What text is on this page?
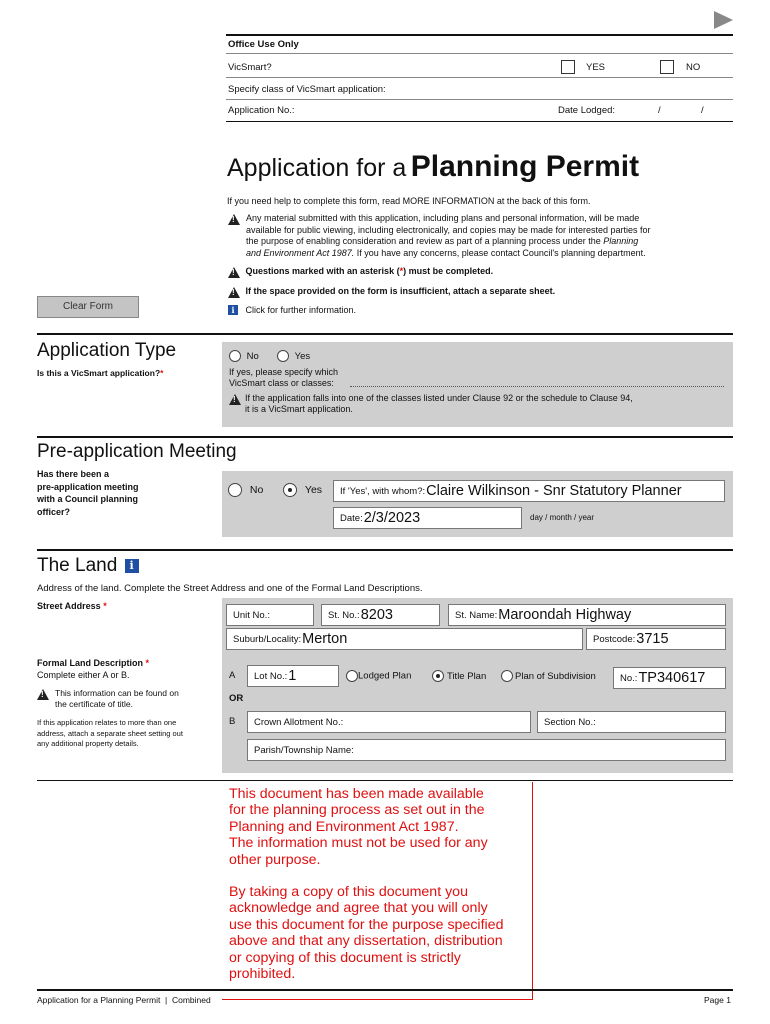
Office Use Only
VicSmart?	YES	NO
Specify class of VicSmart application:
Application No.:	Date Lodged:	/	/
Application for a Planning Permit
If you need help to complete this form, read MORE INFORMATION at the back of this form.
!
Any material submitted with this application, including plans and personal information, will be made
available for public viewing, including electronically, and copies may be made for interested parties for
the purpose of enabling consideration and review as part of a planning process under the Planning
and Environment Act 1987. If you have any concerns, please contact Council's planning department.
! Questions marked with an asterisk (*) must be completed.
! If the space provided on the form is insufficient, attach a separate sheet.
i Click for further information.
Clear Form
Application Type
Is this a VicSmart application?*
No	Yes
If yes, please specify which
VicSmart class or classes:
!
If the application falls into one of the classes listed under Clause 92 or the schedule to Clause 94,
it is a VicSmart application.
Pre-application Meeting
Has there been a
pre-application meeting
with a Council planning
officer?
No	Yes If 'Yes', with whom?: Claire Wilkinson - Snr Statutory Planner
Date: 2/3/2023	day / month / year
The Land i
Address of the land. Complete the Street Address and one of the Formal Land Descriptions.
Street Address *
Unit No.:	St. No.: 8203	St. Name: Maroondah Highway
Suburb/Locality: Merton	Postcode: 3715
Formal Land Description *
Complete either A or B.
!
This information can be found on
the certificate of title.
If this application relates to more than one
address, attach a separate sheet setting out
any additional property details.
A Lot No.: 1	Lodged Plan	Title Plan	Plan of Subdivision	No.: TP340617
OR
B Crown Allotment No.:	Section No.:
Parish/Township Name:
This document has been made available
for the planning process as set out in the
Planning and Environment Act 1987.
The information must not be used for any
other purpose.
By taking a copy of this document you
acknowledge and agree that you will only
use this document for the purpose specified
above and that any dissertation, distribution
or copying of this document is strictly
prohibited.
Application for a Planning Permit  |  Combined	Page 1
